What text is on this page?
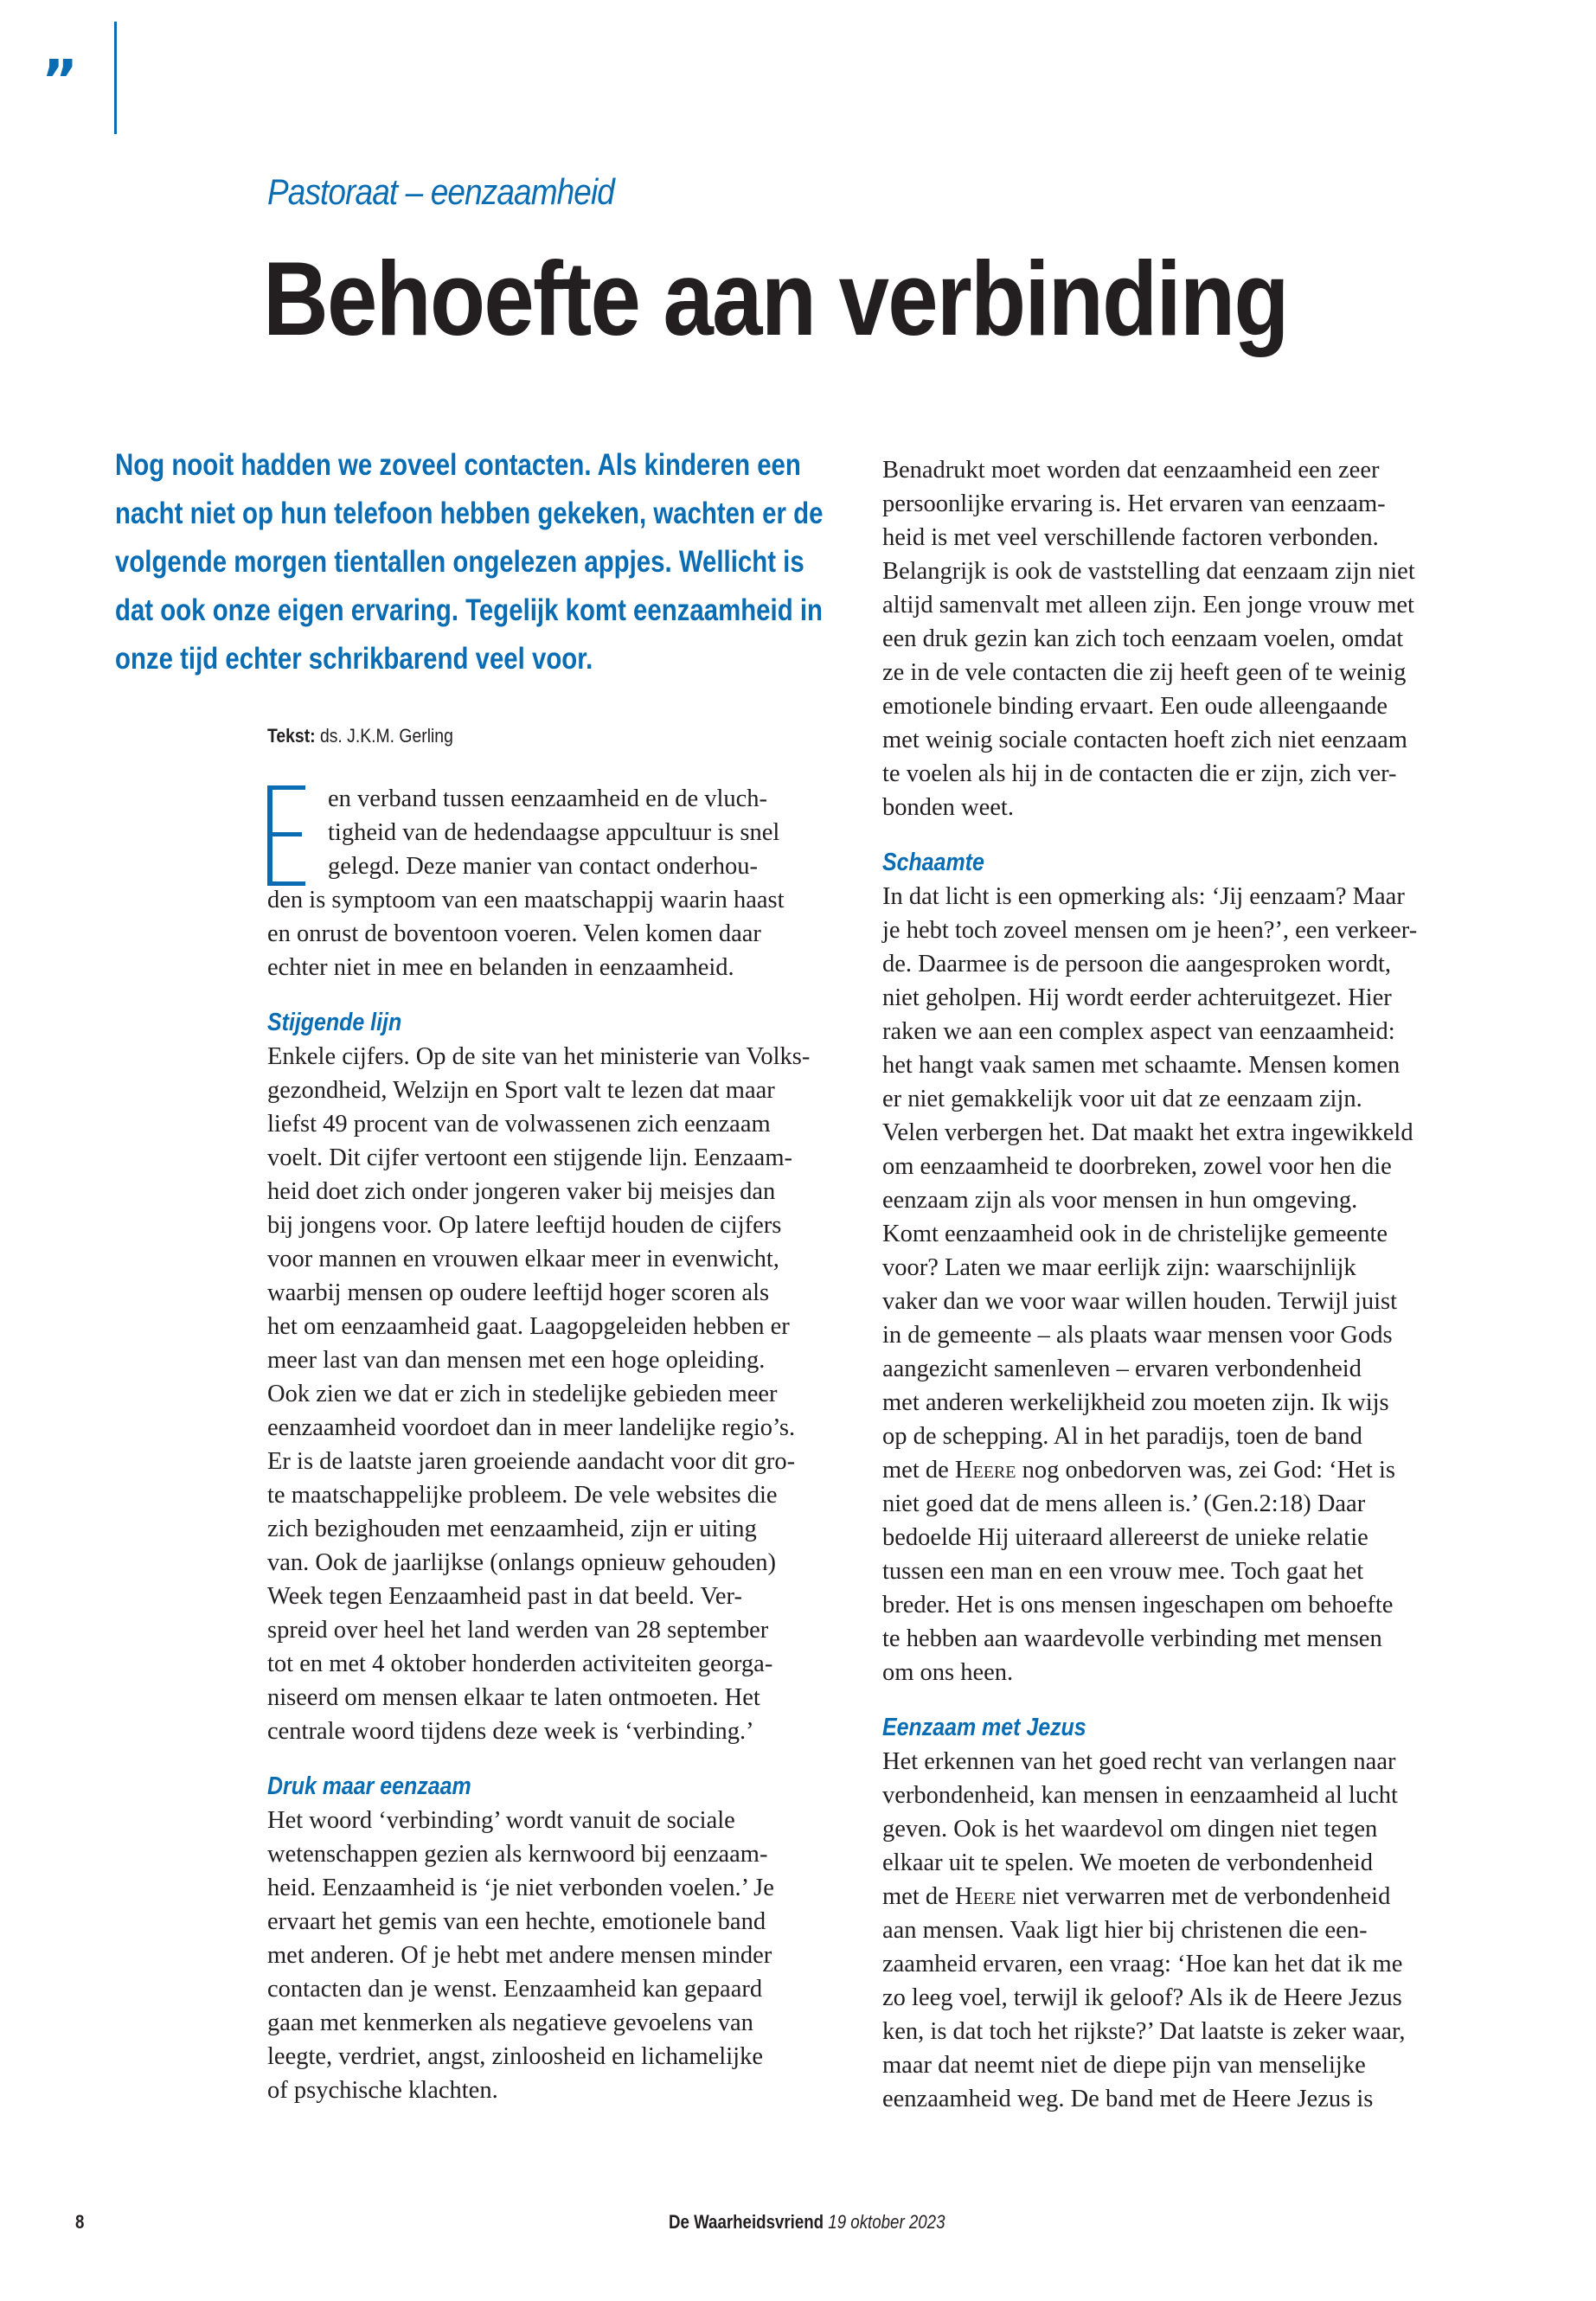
”
Pastoraat – eenzaamheid
Behoefte aan verbinding
Nog nooit hadden we zoveel contacten. Als kinderen een
nacht niet op hun telefoon hebben gekeken, wachten er de
volgende morgen tientallen ongelezen appjes. Wellicht is
dat ook onze eigen ervaring. Tegelijk komt eenzaamheid in
onze tijd echter schrikbarend veel voor.
Tekst: ds. J.K.M. Gerling
en verband tussen eenzaamheid en de vluch-
tigheid van de hedendaagse appcultuur is snel
gelegd. Deze manier van contact onderhou-
den is symptoom van een maatschappij waarin haast
en onrust de boventoon voeren. Velen komen daar
echter niet in mee en belanden in eenzaamheid.
Stijgende lijn
Enkele cijfers. Op de site van het ministerie van Volks-
gezondheid, Welzijn en Sport valt te lezen dat maar
liefst 49 procent van de volwassenen zich eenzaam
voelt. Dit cijfer vertoont een stijgende lijn. Eenzaam-
heid doet zich onder jongeren vaker bij meisjes dan
bij jongens voor. Op latere leeftijd houden de cijfers
voor mannen en vrouwen elkaar meer in evenwicht,
waarbij mensen op oudere leeftijd hoger scoren als
het om eenzaamheid gaat. Laagopgeleiden hebben er
meer last van dan mensen met een hoge opleiding.
Ook zien we dat er zich in stedelijke gebieden meer
eenzaamheid voordoet dan in meer landelijke regio’s.
Er is de laatste jaren groeiende aandacht voor dit gro-
te maatschappelijke probleem. De vele websites die
zich bezighouden met eenzaamheid, zijn er uiting
van. Ook de jaarlijkse (onlangs opnieuw gehouden)
Week tegen Eenzaamheid past in dat beeld. Ver-
spreid over heel het land werden van 28 september
tot en met 4 oktober honderden activiteiten georga-
niseerd om mensen elkaar te laten ontmoeten. Het
centrale woord tijdens deze week is ‘verbinding.’
Druk maar eenzaam
Het woord ‘verbinding’ wordt vanuit de sociale
wetenschappen gezien als kernwoord bij eenzaam-
heid. Eenzaamheid is ‘je niet verbonden voelen.’ Je
ervaart het gemis van een hechte, emotionele band
met anderen. Of je hebt met andere mensen minder
contacten dan je wenst. Eenzaamheid kan gepaard
gaan met kenmerken als negatieve gevoelens van
leegte, verdriet, angst, zinloosheid en lichamelijke
of psychische klachten.
Benadrukt moet worden dat eenzaamheid een zeer
persoonlijke ervaring is. Het ervaren van eenzaam-
heid is met veel verschillende factoren verbonden.
Belangrijk is ook de vaststelling dat eenzaam zijn niet
altijd samenvalt met alleen zijn. Een jonge vrouw met
een druk gezin kan zich toch eenzaam voelen, omdat
ze in de vele contacten die zij heeft geen of te weinig
emotionele binding ervaart. Een oude alleengaande
met weinig sociale contacten hoeft zich niet eenzaam
te voelen als hij in de contacten die er zijn, zich ver-
bonden weet.
Schaamte
In dat licht is een opmerking als: ‘Jij eenzaam? Maar
je hebt toch zoveel mensen om je heen?’, een verkeer-
de. Daarmee is de persoon die aangesproken wordt,
niet geholpen. Hij wordt eerder achteruitgezet. Hier
raken we aan een complex aspect van eenzaamheid:
het hangt vaak samen met schaamte. Mensen komen
er niet gemakkelijk voor uit dat ze eenzaam zijn.
Velen verbergen het. Dat maakt het extra ingewikkeld
om eenzaamheid te doorbreken, zowel voor hen die
eenzaam zijn als voor mensen in hun omgeving.
Komt eenzaamheid ook in de christelijke gemeente
voor? Laten we maar eerlijk zijn: waarschijnlijk
vaker dan we voor waar willen houden. Terwijl juist
in de gemeente – als plaats waar mensen voor Gods
aangezicht samenleven – ervaren verbondenheid
met anderen werkelijkheid zou moeten zijn. Ik wijs
op de schepping. Al in het paradijs, toen de band
met de Heere nog onbedorven was, zei God: ‘Het is
niet goed dat de mens alleen is.’ (Gen.2:18) Daar
bedoelde Hij uiteraard allereerst de unieke relatie
tussen een man en een vrouw mee. Toch gaat het
breder. Het is ons mensen ingeschapen om behoefte
te hebben aan waardevolle verbinding met mensen
om ons heen.
Eenzaam met Jezus
Het erkennen van het goed recht van verlangen naar
verbondenheid, kan mensen in eenzaamheid al lucht
geven. Ook is het waardevol om dingen niet tegen
elkaar uit te spelen. We moeten de verbondenheid
met de Heere niet verwarren met de verbondenheid
aan mensen. Vaak ligt hier bij christenen die een-
zaamheid ervaren, een vraag: ‘Hoe kan het dat ik me
zo leeg voel, terwijl ik geloof? Als ik de Heere Jezus
ken, is dat toch het rijkste?’ Dat laatste is zeker waar,
maar dat neemt niet de diepe pijn van menselijke
eenzaamheid weg. De band met de Heere Jezus is
8	De Waarheidsvriend 19 oktober 2023
